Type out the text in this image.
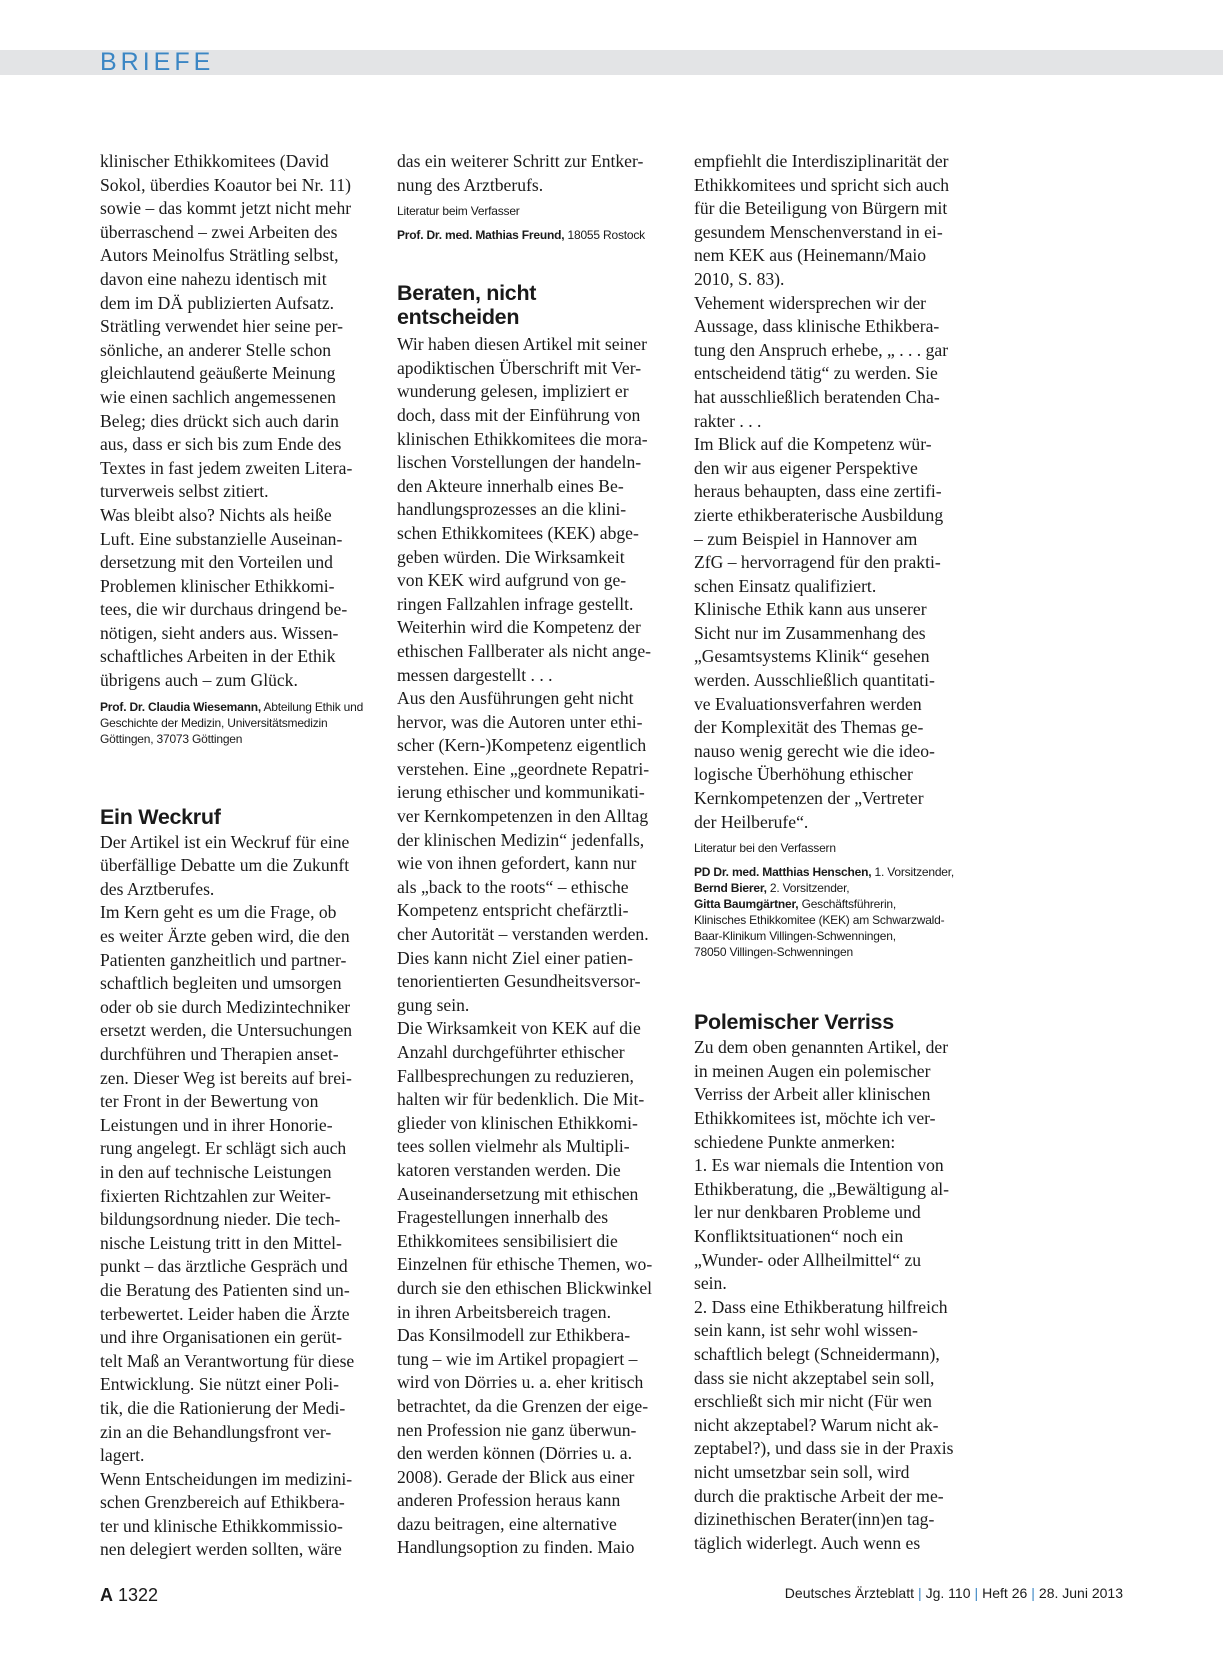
BRIEFE

klinischer Ethikkomitees (David
Sokol, überdies Koautor bei Nr. 11)
sowie – das kommt jetzt nicht mehr
überraschend – zwei Arbeiten des
Autors Meinolfus Strätling selbst,
davon eine nahezu identisch mit
dem im DÄ publizierten Aufsatz.
Strätling verwendet hier seine per-
sönliche, an anderer Stelle schon
gleichlautend geäußerte Meinung
wie einen sachlich angemessenen
Beleg; dies drückt sich auch darin
aus, dass er sich bis zum Ende des
Textes in fast jedem zweiten Litera-
turverweis selbst zitiert.
Was bleibt also? Nichts als heiße
Luft. Eine substanzielle Auseinan-
dersetzung mit den Vorteilen und
Problemen klinischer Ethikkomi-
tees, die wir durchaus dringend be-
nötigen, sieht anders aus. Wissen-
schaftliches Arbeiten in der Ethik
übrigens auch – zum Glück.

Prof. Dr. Claudia Wiesemann, Abteilung Ethik und Geschichte der Medizin, Universitätsmedizin Göttingen, 37073 Göttingen

Ein Weckruf

Der Artikel ist ein Weckruf für eine
überfällige Debatte um die Zukunft
des Arztberufes.
Im Kern geht es um die Frage, ob
es weiter Ärzte geben wird, die den
Patienten ganzheitlich und partner-
schaftlich begleiten und umsorgen
oder ob sie durch Medizintechniker
ersetzt werden, die Untersuchungen
durchführen und Therapien anset-
zen. Dieser Weg ist bereits auf brei-
ter Front in der Bewertung von
Leistungen und in ihrer Honorie-
rung angelegt. Er schlägt sich auch
in den auf technische Leistungen
fixierten Richtzahlen zur Weiter-
bildungsordnung nieder. Die tech-
nische Leistung tritt in den Mittel-
punkt – das ärztliche Gespräch und
die Beratung des Patienten sind un-
terbewertet. Leider haben die Ärzte
und ihre Organisationen ein gerüt-
telt Maß an Verantwortung für diese
Entwicklung. Sie nützt einer Poli-
tik, die die Rationierung der Medi-
zin an die Behandlungsfront ver-
lagert.
Wenn Entscheidungen im medizini-
schen Grenzbereich auf Ethikbera-
ter und klinische Ethikkommissio-
nen delegiert werden sollten, wäre

das ein weiterer Schritt zur Entker-
nung des Arztberufs.

Literatur beim Verfasser

Prof. Dr. med. Mathias Freund, 18055 Rostock

Beraten, nicht
entscheiden

Wir haben diesen Artikel mit seiner
apodiktischen Überschrift mit Ver-
wunderung gelesen, impliziert er
doch, dass mit der Einführung von
klinischen Ethikkomitees die mora-
lischen Vorstellungen der handeln-
den Akteure innerhalb eines Be-
handlungsprozesses an die klini-
schen Ethikkomitees (KEK) abge-
geben würden. Die Wirksamkeit
von KEK wird aufgrund von ge-
ringen Fallzahlen infrage gestellt.
Weiterhin wird die Kompetenz der
ethischen Fallberater als nicht ange-
messen dargestellt . . .
Aus den Ausführungen geht nicht
hervor, was die Autoren unter ethi-
scher (Kern-)Kompetenz eigentlich
verstehen. Eine „geordnete Repatri-
ierung ethischer und kommunikati-
ver Kernkompetenzen in den Alltag
der klinischen Medizin“ jedenfalls,
wie von ihnen gefordert, kann nur
als „back to the roots“ – ethische
Kompetenz entspricht chefärztli-
cher Autorität – verstanden werden.
Dies kann nicht Ziel einer patien-
tenorientierten Gesundheitsversor-
gung sein.
Die Wirksamkeit von KEK auf die
Anzahl durchgeführter ethischer
Fallbesprechungen zu reduzieren,
halten wir für bedenklich. Die Mit-
glieder von klinischen Ethikkomi-
tees sollen vielmehr als Multipli-
katoren verstanden werden. Die
Auseinandersetzung mit ethischen
Fragestellungen innerhalb des
Ethikkomitees sensibilisiert die
Einzelnen für ethische Themen, wo-
durch sie den ethischen Blickwinkel
in ihren Arbeitsbereich tragen.
Das Konsilmodell zur Ethikbera-
tung – wie im Artikel propagiert –
wird von Dörries u. a. eher kritisch
betrachtet, da die Grenzen der eige-
nen Profession nie ganz überwun-
den werden können (Dörries u. a.
2008). Gerade der Blick aus einer
anderen Profession heraus kann
dazu beitragen, eine alternative
Handlungsoption zu finden. Maio

empfiehlt die Interdisziplinarität der
Ethikkomitees und spricht sich auch
für die Beteiligung von Bürgern mit
gesundem Menschenverstand in ei-
nem KEK aus (Heinemann/Maio
2010, S. 83).
Vehement widersprechen wir der
Aussage, dass klinische Ethikbera-
tung den Anspruch erhebe, „ . . . gar
entscheidend tätig“ zu werden. Sie
hat ausschließlich beratenden Cha-
rakter . . .
Im Blick auf die Kompetenz wür-
den wir aus eigener Perspektive
heraus behaupten, dass eine zertifi-
zierte ethikberaterische Ausbildung
– zum Beispiel in Hannover am
ZfG – hervorragend für den prakti-
schen Einsatz qualifiziert.
Klinische Ethik kann aus unserer
Sicht nur im Zusammenhang des
„Gesamtsystems Klinik“ gesehen
werden. Ausschließlich quantitati-
ve Evaluationsverfahren werden
der Komplexität des Themas ge-
nauso wenig gerecht wie die ideo-
logische Überhöhung ethischer
Kernkompetenzen der „Vertreter
der Heilberufe“.

Literatur bei den Verfassern

PD Dr. med. Matthias Henschen, 1. Vorsitzender,
Bernd Bierer, 2. Vorsitzender,
Gitta Baumgärtner, Geschäftsführerin,
Klinisches Ethikkomitee (KEK) am Schwarzwald-
Baar-Klinikum Villingen-Schwenningen,
78050 Villingen-Schwenningen

Polemischer Verriss

Zu dem oben genannten Artikel, der
in meinen Augen ein polemischer
Verriss der Arbeit aller klinischen
Ethikkomitees ist, möchte ich ver-
schiedene Punkte anmerken:
1. Es war niemals die Intention von
Ethikberatung, die „Bewältigung al-
ler nur denkbaren Probleme und
Konfliktsituationen“ noch ein
„Wunder- oder Allheilmittel“ zu
sein.
2. Dass eine Ethikberatung hilfreich
sein kann, ist sehr wohl wissen-
schaftlich belegt (Schneidermann),
dass sie nicht akzeptabel sein soll,
erschließt sich mir nicht (Für wen
nicht akzeptabel? Warum nicht ak-
zeptabel?), und dass sie in der Praxis
nicht umsetzbar sein soll, wird
durch die praktische Arbeit der me-
dizinethischen Berater(inn)en tag-
täglich widerlegt. Auch wenn es

A 1322	Deutsches Ärzteblatt | Jg. 110 | Heft 26 | 28. Juni 2013
